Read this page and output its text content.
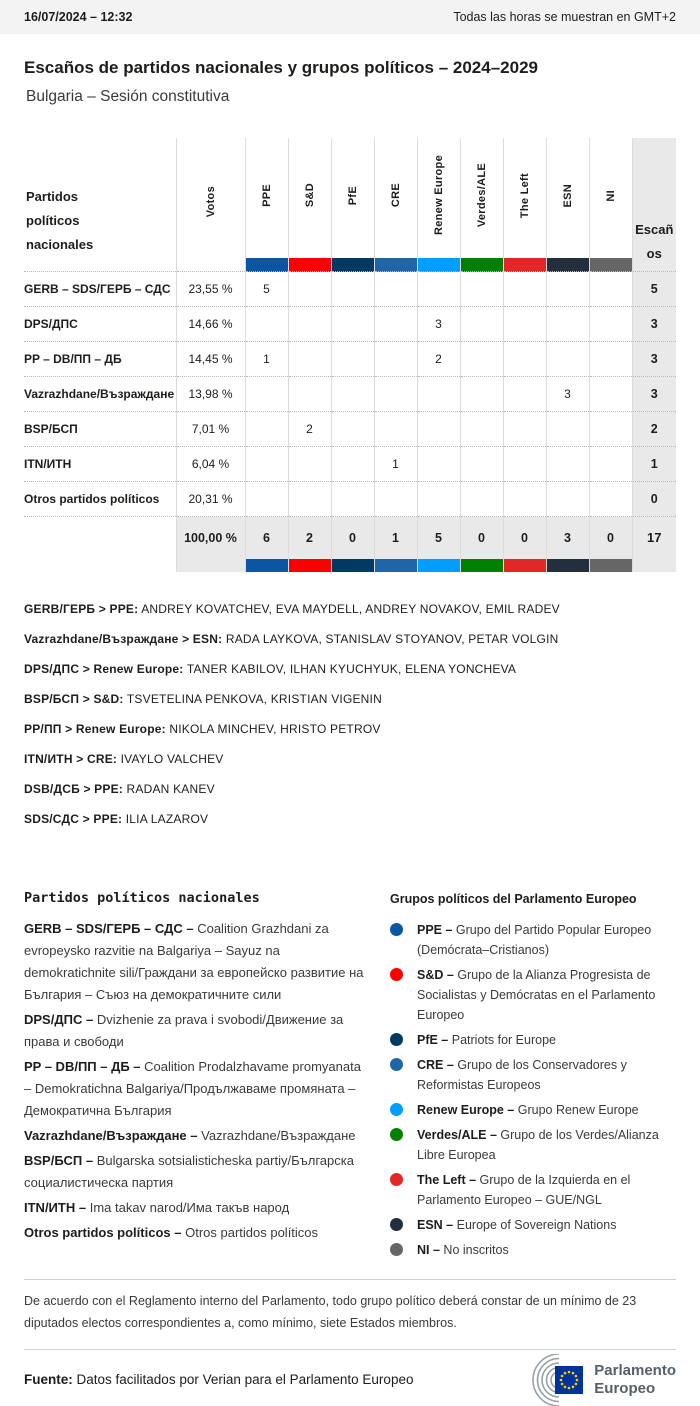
16/07/2024 – 12:32	Todas las horas se muestran en GMT+2
Escaños de partidos nacionales y grupos políticos – 2024–2029
Bulgaria – Sesión constitutiva
Partidos políticos nacionales	Votos	PPE	S&D	PfE	CRE	Renew Europe	Verdes/ALE	The Left	ESN	NI	Escaños

GERB – SDS/ГЕРБ – СДС	23,55 %	5									5
DPS/ДПС	14,66 %					3					3
PP – DB/ПП – ДБ	14,45 %	1				2					3
Vazrazhdane/Възраждане	13,98 %								3		3
BSP/БСП	7,01 %		2								2
ITN/ИТН	6,04 %				1						1
Otros partidos políticos	20,31 %										0
	100,00 %	6	2	0	1	5	0	0	3	0	17

GERB/ГЕРБ > PPE: ANDREY KOVATCHEV, EVA MAYDELL, ANDREY NOVAKOV, EMIL RADEV
Vazrazhdane/Възраждане > ESN: RADA LAYKOVA, STANISLAV STOYANOV, PETAR VOLGIN
DPS/ДПС > Renew Europe: TANER KABILOV, ILHAN KYUCHYUK, ELENA YONCHEVA
BSP/БСП > S&D: TSVETELINA PENKOVA, KRISTIAN VIGENIN
РР/ПП > Renew Europe: NIKOLA MINCHEV, HRISTO PETROV
ITN/ИТН > CRE: IVAYLO VALCHEV
DSB/ДСБ > PPE: RADAN KANEV
SDS/СДС > PPE: ILIA LAZAROV
Partidos políticos nacionales

GERB – SDS/ГЕРБ – СДС – Coalition Grazhdani za evropeysko razvitie na Balgariya – Sayuz na demokratichnite sili/Граждани за европейско развитие на България – Съюз на демократичните сили

DPS/ДПС – Dvizhenie za prava i svobodi/Движение за права и свободи

PP – DB/ПП – ДБ – Coalition Prodalzhavame promyanata – Demokratichna Balgariya/Продължаваме промяната – Демократична България

Vazrazhdane/Възраждане – Vazrazhdane/Възраждане

BSP/БСП – Bulgarska sotsialisticheska partiy/Българска социалистическа партия

ITN/ИТН – Ima takav narod/Има такъв народ

Otros partidos políticos – Otros partidos políticos

Grupos políticos del Parlamento Europeo
PPE – Grupo del Partido Popular Europeo (Demócrata–Cristianos)
S&D – Grupo de la Alianza Progresista de Socialistas y Demócratas en el Parlamento Europeo
PfE – Patriots for Europe
CRE – Grupo de los Conservadores y Reformistas Europeos
Renew Europe – Grupo Renew Europe
Verdes/ALE – Grupo de los Verdes/Alianza Libre Europea
The Left – Grupo de la Izquierda en el Parlamento Europeo – GUE/NGL
ESN – Europe of Sovereign Nations
NI – No inscritos

De acuerdo con el Reglamento interno del Parlamento, todo grupo político deberá constar de un mínimo de 23 diputados electos correspondientes a, como mínimo, siete Estados miembros.

Fuente: Datos facilitados por Verian para el Parlamento Europeo
Parlamento
Europeo
